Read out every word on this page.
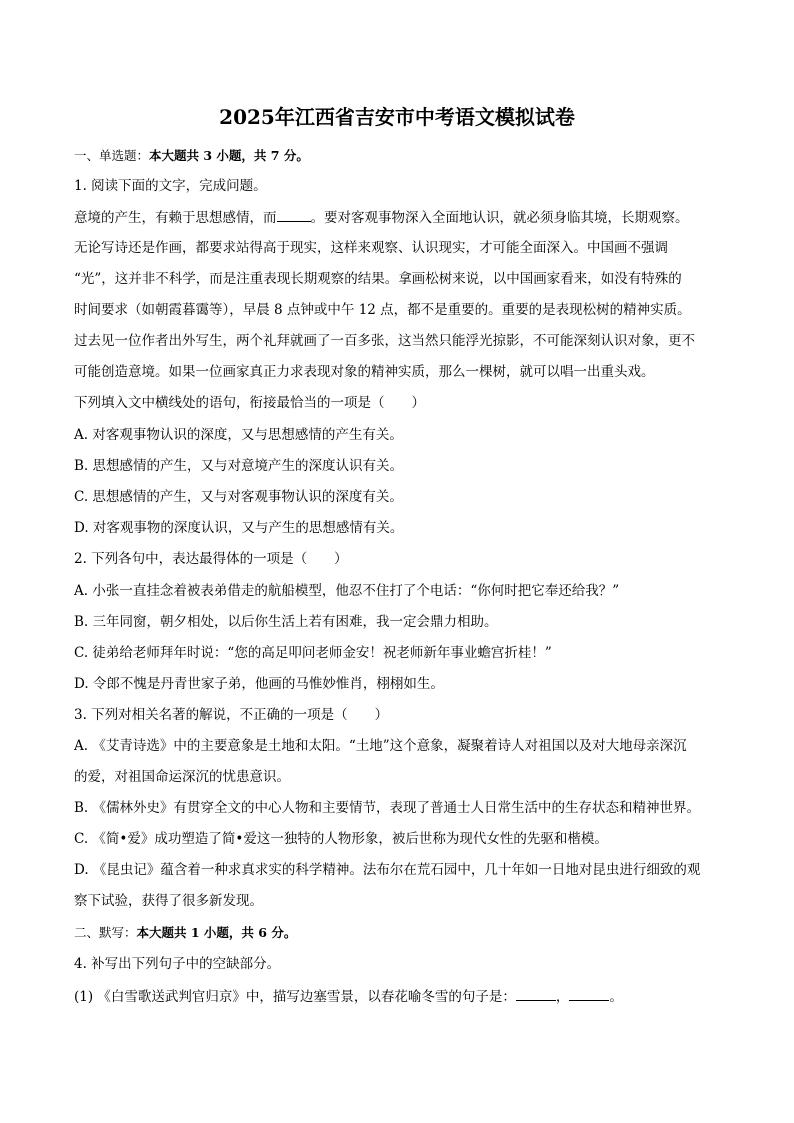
2025年江西省吉安市中考语文模拟试卷
一、单选题：本大题共 3 小题，共 7 分。
1. 阅读下面的文字，完成问题。
意境的产生，有赖于思想感情，而	。要对客观事物深入全面地认识，就必须身临其境，长期观察。
无论写诗还是作画，都要求站得高于现实，这样来观察、认识现实，才可能全面深入。中国画不强调
“光”，这并非不科学，而是注重表现长期观察的结果。拿画松树来说，以中国画家看来，如没有特殊的
时间要求（如朝霞暮霭等），早晨 8 点钟或中午 12 点，都不是重要的。重要的是表现松树的精神实质。
过去见一位作者出外写生，两个礼拜就画了一百多张，这当然只能浮光掠影，不可能深刻认识对象，更不
可能创造意境。如果一位画家真正力求表现对象的精神实质，那么一棵树，就可以唱一出重头戏。
下列填入文中横线处的语句，衔接最恰当的一项是（　　）
A. 对客观事物认识的深度，又与思想感情的产生有关。
B. 思想感情的产生，又与对意境产生的深度认识有关。
C. 思想感情的产生，又与对客观事物认识的深度有关。
D. 对客观事物的深度认识，又与产生的思想感情有关。
2. 下列各句中，表达最得体的一项是（　　）
A. 小张一直挂念着被表弟借走的航船模型，他忍不住打了个电话：“你何时把它奉还给我？”
B. 三年同窗，朝夕相处，以后你生活上若有困难，我一定会鼎力相助。
C. 徒弟给老师拜年时说：“您的高足叩问老师金安！祝老师新年事业蟾宫折桂！”
D. 令郎不愧是丹青世家子弟，他画的马惟妙惟肖，栩栩如生。
3. 下列对相关名著的解说，不正确的一项是（　　）
A. 《艾青诗选》中的主要意象是土地和太阳。“土地”这个意象，凝聚着诗人对祖国以及对大地母亲深沉
的爱，对祖国命运深沉的忧患意识。
B. 《儒林外史》有贯穿全文的中心人物和主要情节，表现了普通士人日常生活中的生存状态和精神世界。
C. 《简•爱》成功塑造了简•爱这一独特的人物形象，被后世称为现代女性的先驱和楷模。
D. 《昆虫记》蕴含着一种求真求实的科学精神。法布尔在荒石园中，几十年如一日地对昆虫进行细致的观
察下试验，获得了很多新发现。
二、默写：本大题共 1 小题，共 6 分。
4. 补写出下列句子中的空缺部分。
(1) 《白雪歌送武判官归京》中，描写边塞雪景，以春花喻冬雪的句子是：	，	。
